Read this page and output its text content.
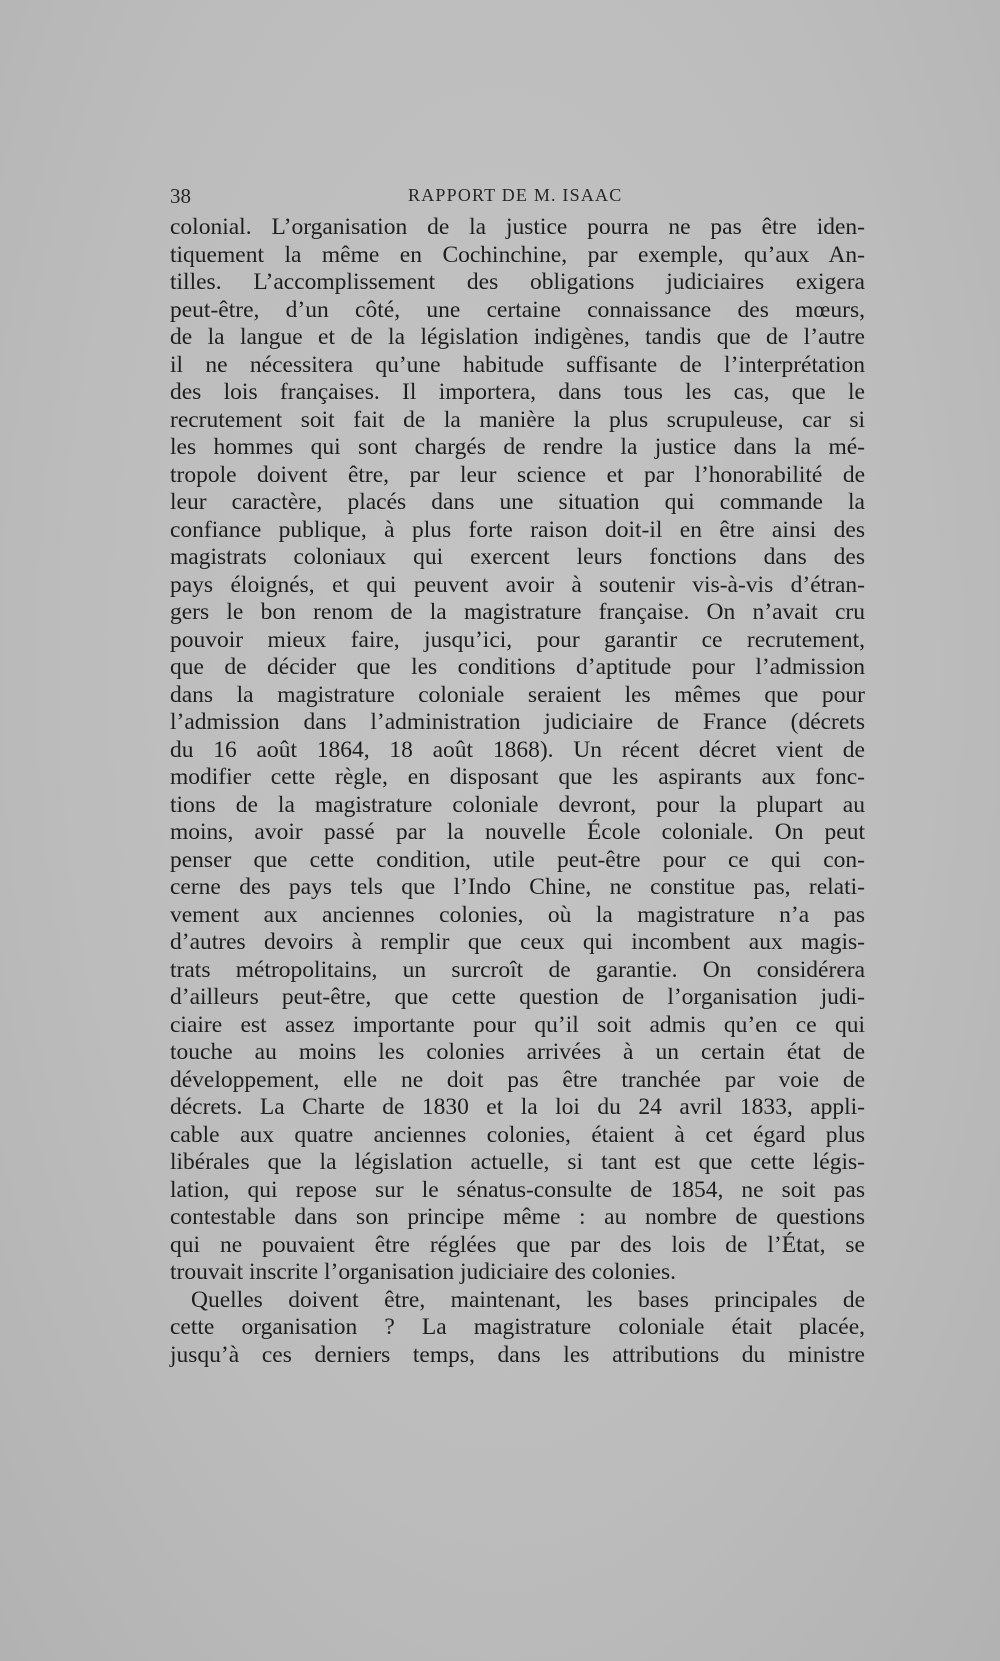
38	RAPPORT DE M. ISAAC
colonial. L’organisation de la justice pourra ne pas être iden-
tiquement la même en Cochinchine, par exemple, qu’aux An-
tilles. L’accomplissement des obligations judiciaires exigera
peut-être, d’un côté, une certaine connaissance des mœurs,
de la langue et de la législation indigènes, tandis que de l’autre
il ne nécessitera qu’une habitude suffisante de l’interprétation
des lois françaises. Il importera, dans tous les cas, que le
recrutement soit fait de la manière la plus scrupuleuse, car si
les hommes qui sont chargés de rendre la justice dans la mé-
tropole doivent être, par leur science et par l’honorabilité de
leur caractère, placés dans une situation qui commande la
confiance publique, à plus forte raison doit-il en être ainsi des
magistrats coloniaux qui exercent leurs fonctions dans des
pays éloignés, et qui peuvent avoir à soutenir vis-à-vis d’étran-
gers le bon renom de la magistrature française. On n’avait cru
pouvoir mieux faire, jusqu’ici, pour garantir ce recrutement,
que de décider que les conditions d’aptitude pour l’admission
dans la magistrature coloniale seraient les mêmes que pour
l’admission dans l’administration judiciaire de France (décrets
du 16 août 1864, 18 août 1868). Un récent décret vient de
modifier cette règle, en disposant que les aspirants aux fonc-
tions de la magistrature coloniale devront, pour la plupart au
moins, avoir passé par la nouvelle École coloniale. On peut
penser que cette condition, utile peut-être pour ce qui con-
cerne des pays tels que l’Indo Chine, ne constitue pas, relati-
vement aux anciennes colonies, où la magistrature n’a pas
d’autres devoirs à remplir que ceux qui incombent aux magis-
trats métropolitains, un surcroît de garantie. On considérera
d’ailleurs peut-être, que cette question de l’organisation judi-
ciaire est assez importante pour qu’il soit admis qu’en ce qui
touche au moins les colonies arrivées à un certain état de
développement, elle ne doit pas être tranchée par voie de
décrets. La Charte de 1830 et la loi du 24 avril 1833, appli-
cable aux quatre anciennes colonies, étaient à cet égard plus
libérales que la législation actuelle, si tant est que cette légis-
lation, qui repose sur le sénatus-consulte de 1854, ne soit pas
contestable dans son principe même : au nombre de questions
qui ne pouvaient être réglées que par des lois de l’État, se
trouvait inscrite l’organisation judiciaire des colonies.
Quelles doivent être, maintenant, les bases principales de
cette organisation ? La magistrature coloniale était placée,
jusqu’à ces derniers temps, dans les attributions du ministre
